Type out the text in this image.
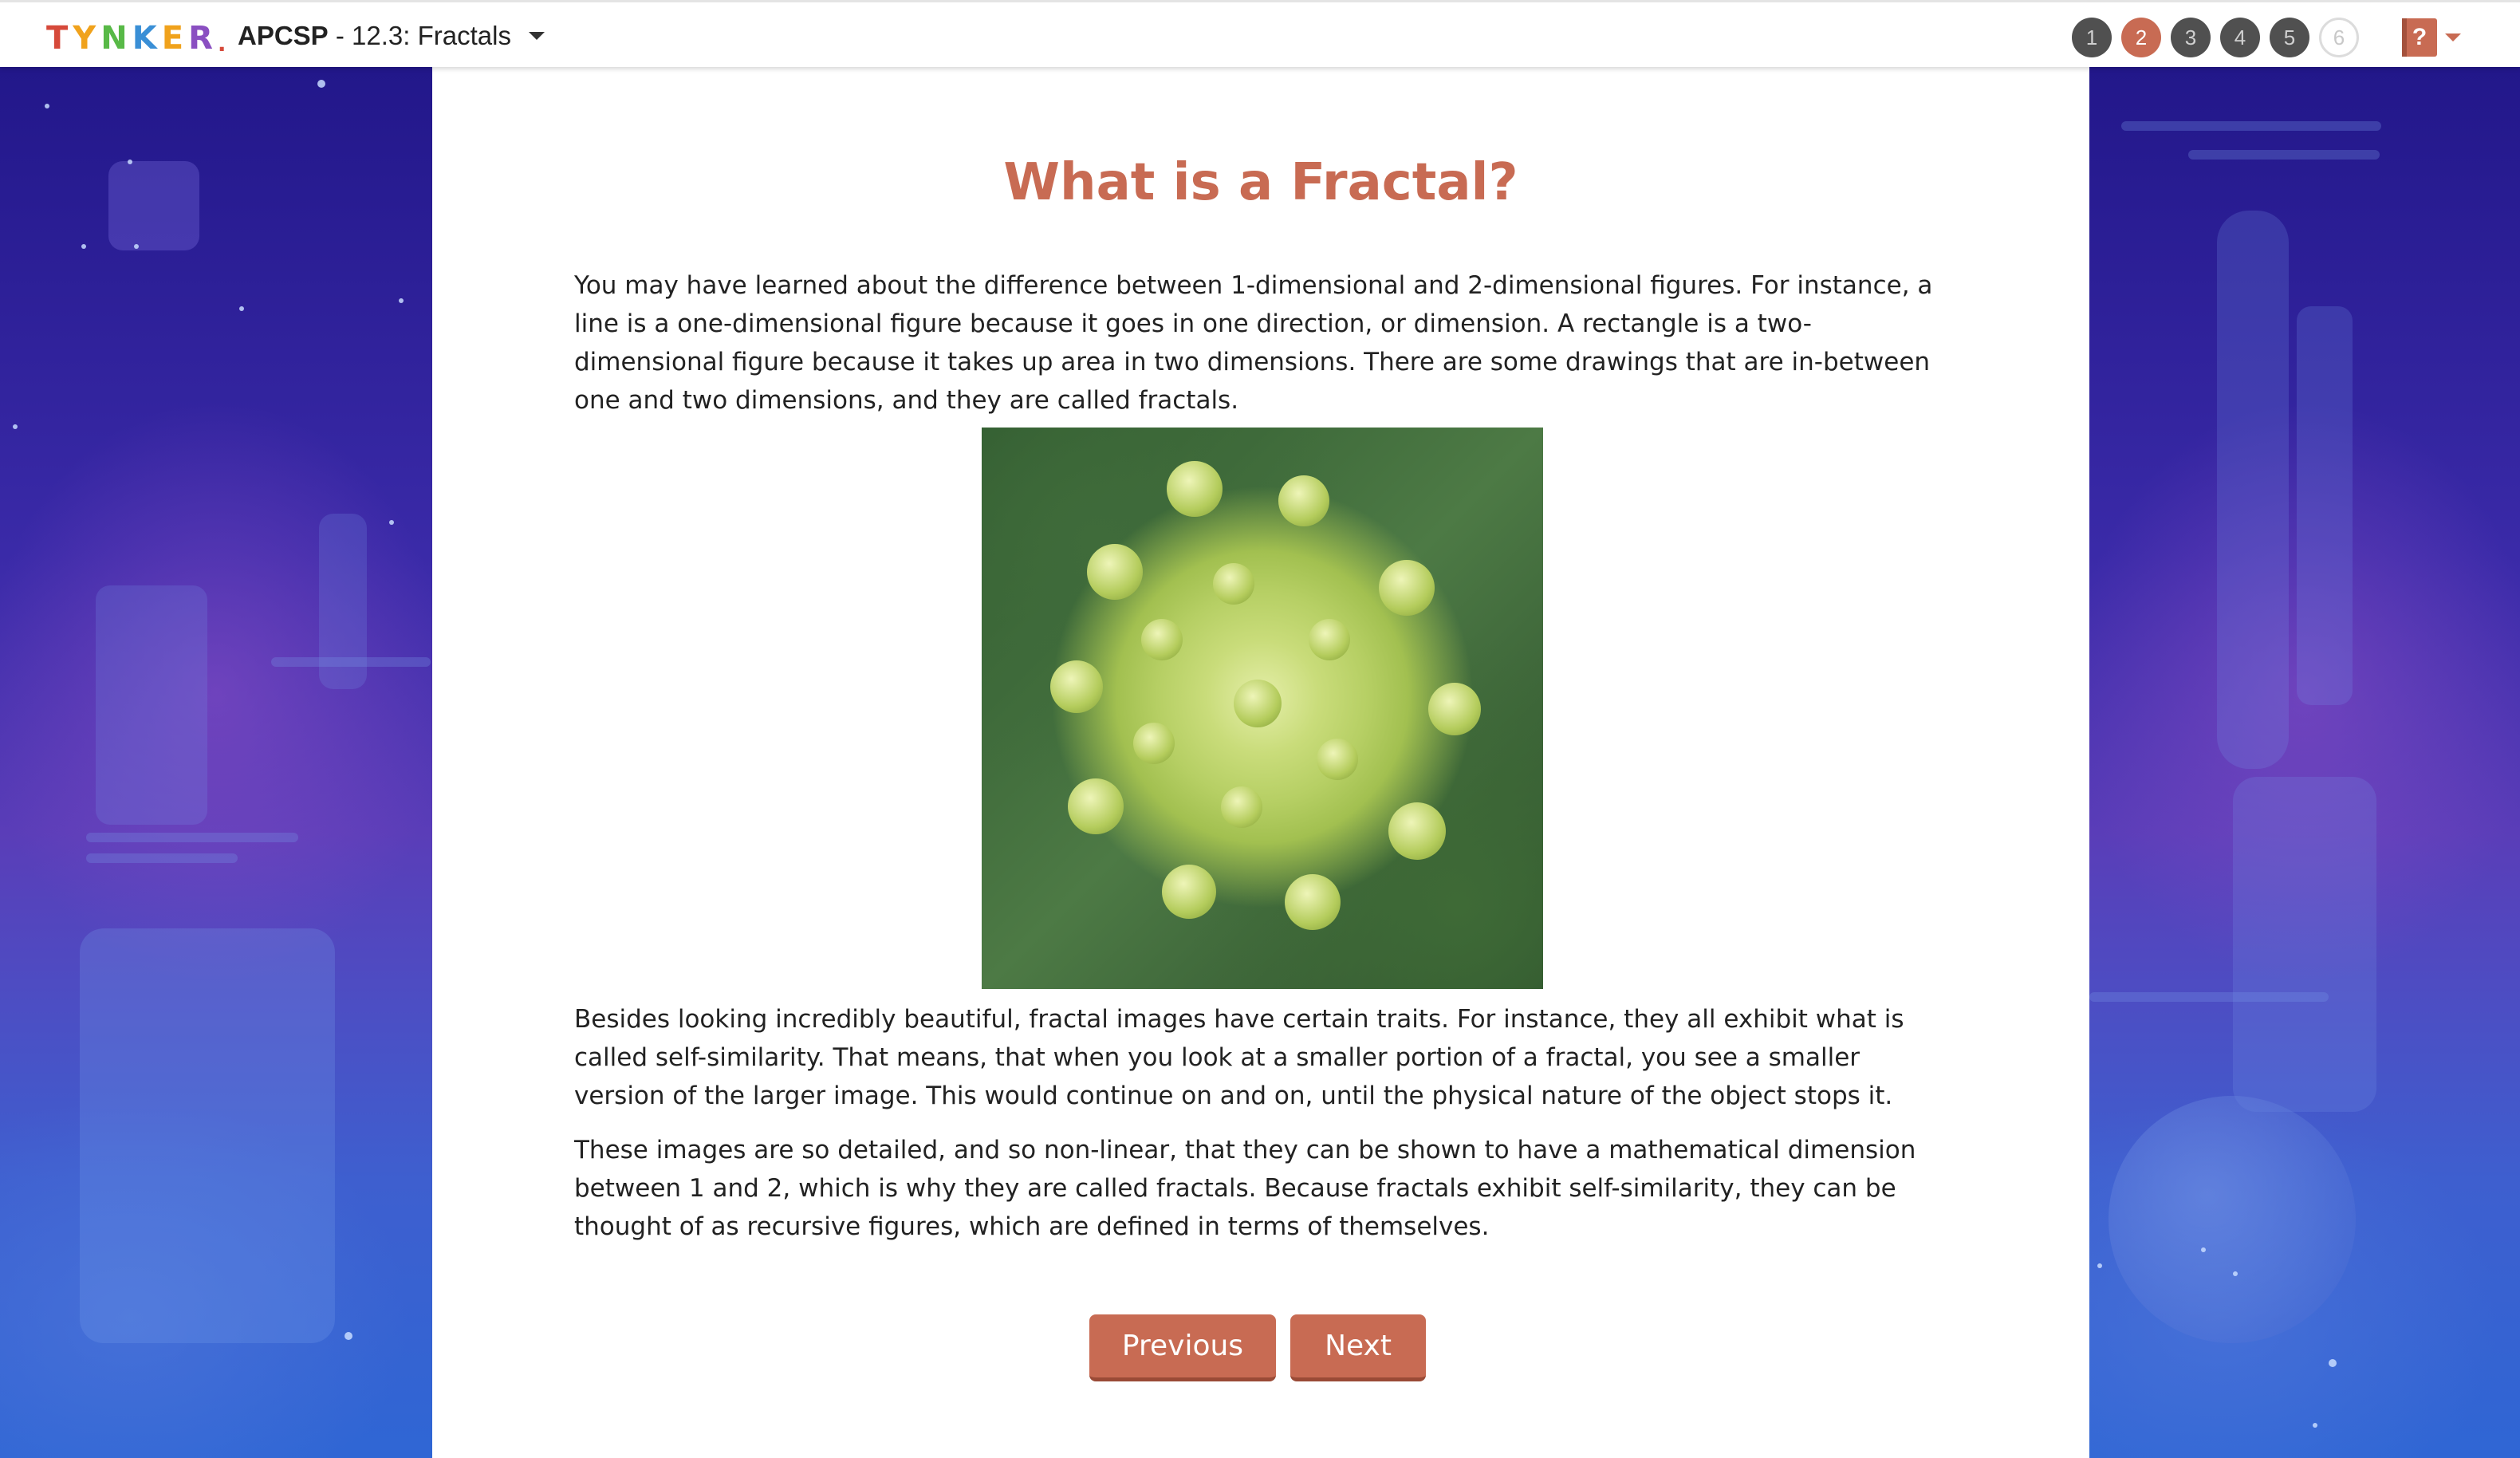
T Y N K E R . APCSP - 12.3: Fractals	1	2	3	4	5	6	?
What is a Fractal?

You may have learned about the difference between 1-dimensional and 2-dimensional figures. For instance, a line is a one-dimensional figure because it goes in one direction, or dimension. A rectangle is a two-dimensional figure because it takes up area in two dimensions. There are some drawings that are in-between one and two dimensions, and they are called fractals.

Besides looking incredibly beautiful, fractal images have certain traits. For instance, they all exhibit what is called self-similarity. That means, that when you look at a smaller portion of a fractal, you see a smaller version of the larger image. This would continue on and on, until the physical nature of the object stops it.

These images are so detailed, and so non-linear, that they can be shown to have a mathematical dimension between 1 and 2, which is why they are called fractals. Because fractals exhibit self-similarity, they can be thought of as recursive figures, which are defined in terms of themselves.

Previous	Next
